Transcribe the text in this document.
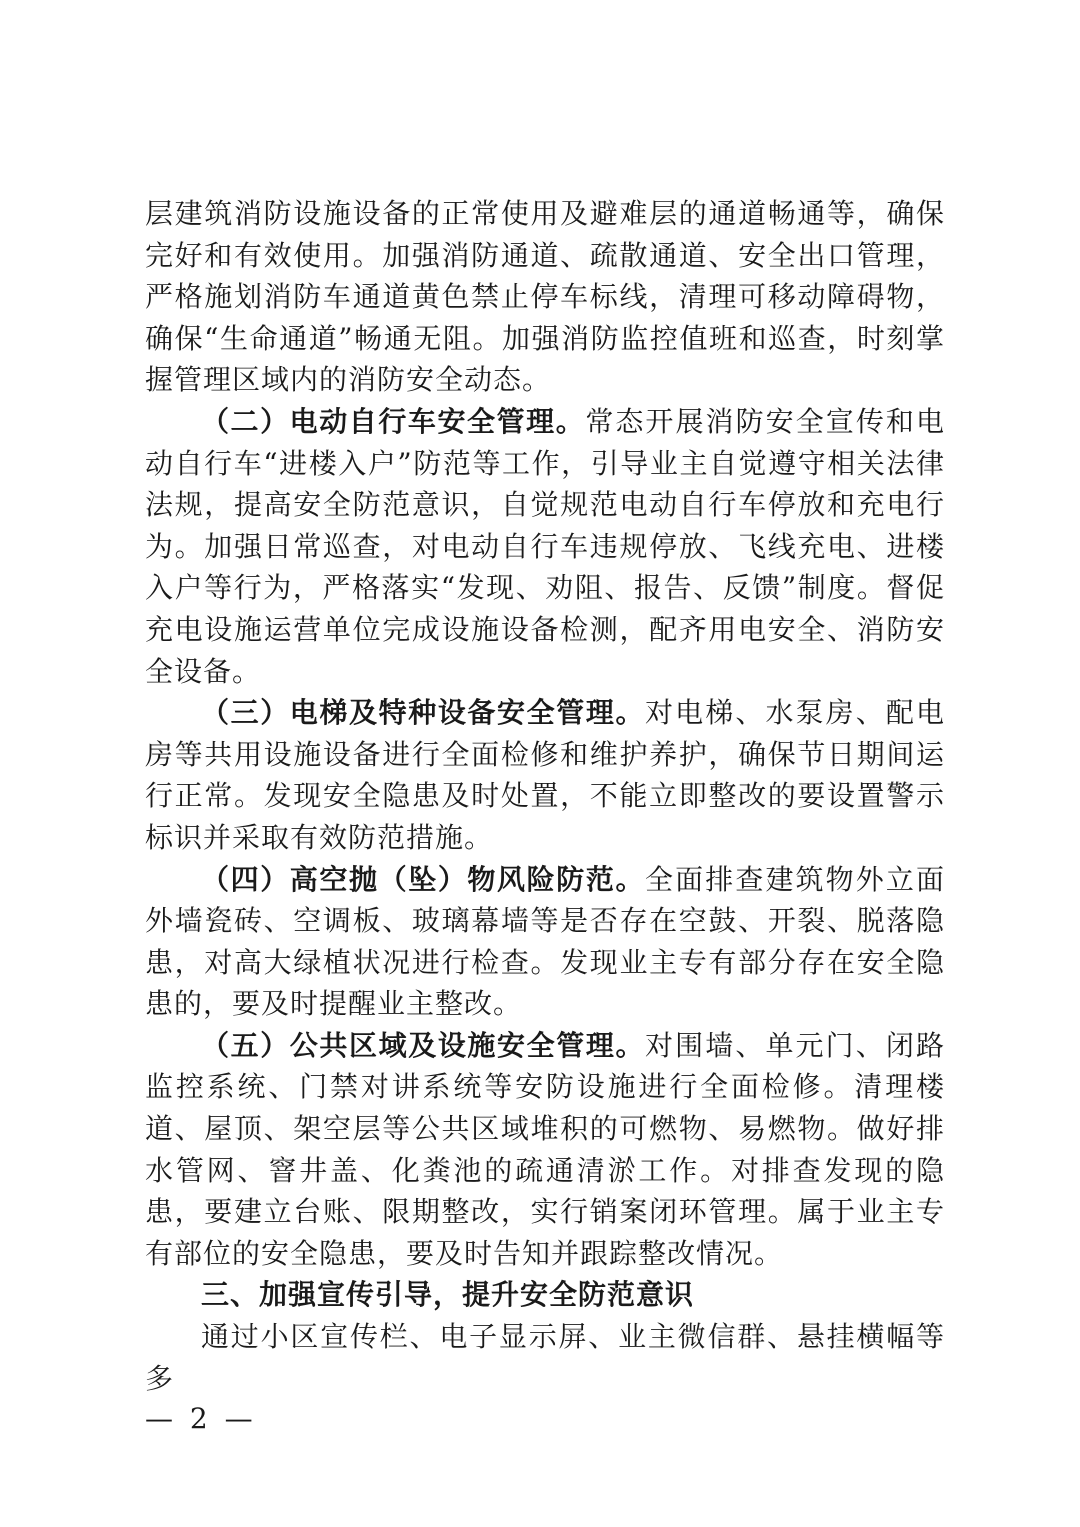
层建筑消防设施设备的正常使用及避难层的通道畅通等，确保完好和有效使用。加强消防通道、疏散通道、安全出口管理，严格施划消防车通道黄色禁止停车标线，清理可移动障碍物，确保“生命通道”畅通无阻。加强消防监控值班和巡查，时刻掌握管理区域内的消防安全动态。

（二）电动自行车安全管理。常态开展消防安全宣传和电动自行车“进楼入户”防范等工作，引导业主自觉遵守相关法律法规，提高安全防范意识，自觉规范电动自行车停放和充电行为。加强日常巡查，对电动自行车违规停放、飞线充电、进楼入户等行为，严格落实“发现、劝阻、报告、反馈”制度。督促充电设施运营单位完成设施设备检测，配齐用电安全、消防安全设备。

（三）电梯及特种设备安全管理。对电梯、水泵房、配电房等共用设施设备进行全面检修和维护养护，确保节日期间运行正常。发现安全隐患及时处置，不能立即整改的要设置警示标识并采取有效防范措施。

（四）高空抛（坠）物风险防范。全面排查建筑物外立面外墙瓷砖、空调板、玻璃幕墙等是否存在空鼓、开裂、脱落隐患，对高大绿植状况进行检查。发现业主专有部分存在安全隐患的，要及时提醒业主整改。

（五）公共区域及设施安全管理。对围墙、单元门、闭路监控系统、门禁对讲系统等安防设施进行全面检修。清理楼道、屋顶、架空层等公共区域堆积的可燃物、易燃物。做好排水管网、窨井盖、化粪池的疏通清淤工作。对排查发现的隐患，要建立台账、限期整改，实行销案闭环管理。属于业主专有部位的安全隐患，要及时告知并跟踪整改情况。

三、加强宣传引导，提升安全防范意识

通过小区宣传栏、电子显示屏、业主微信群、悬挂横幅等多

— 2 —
